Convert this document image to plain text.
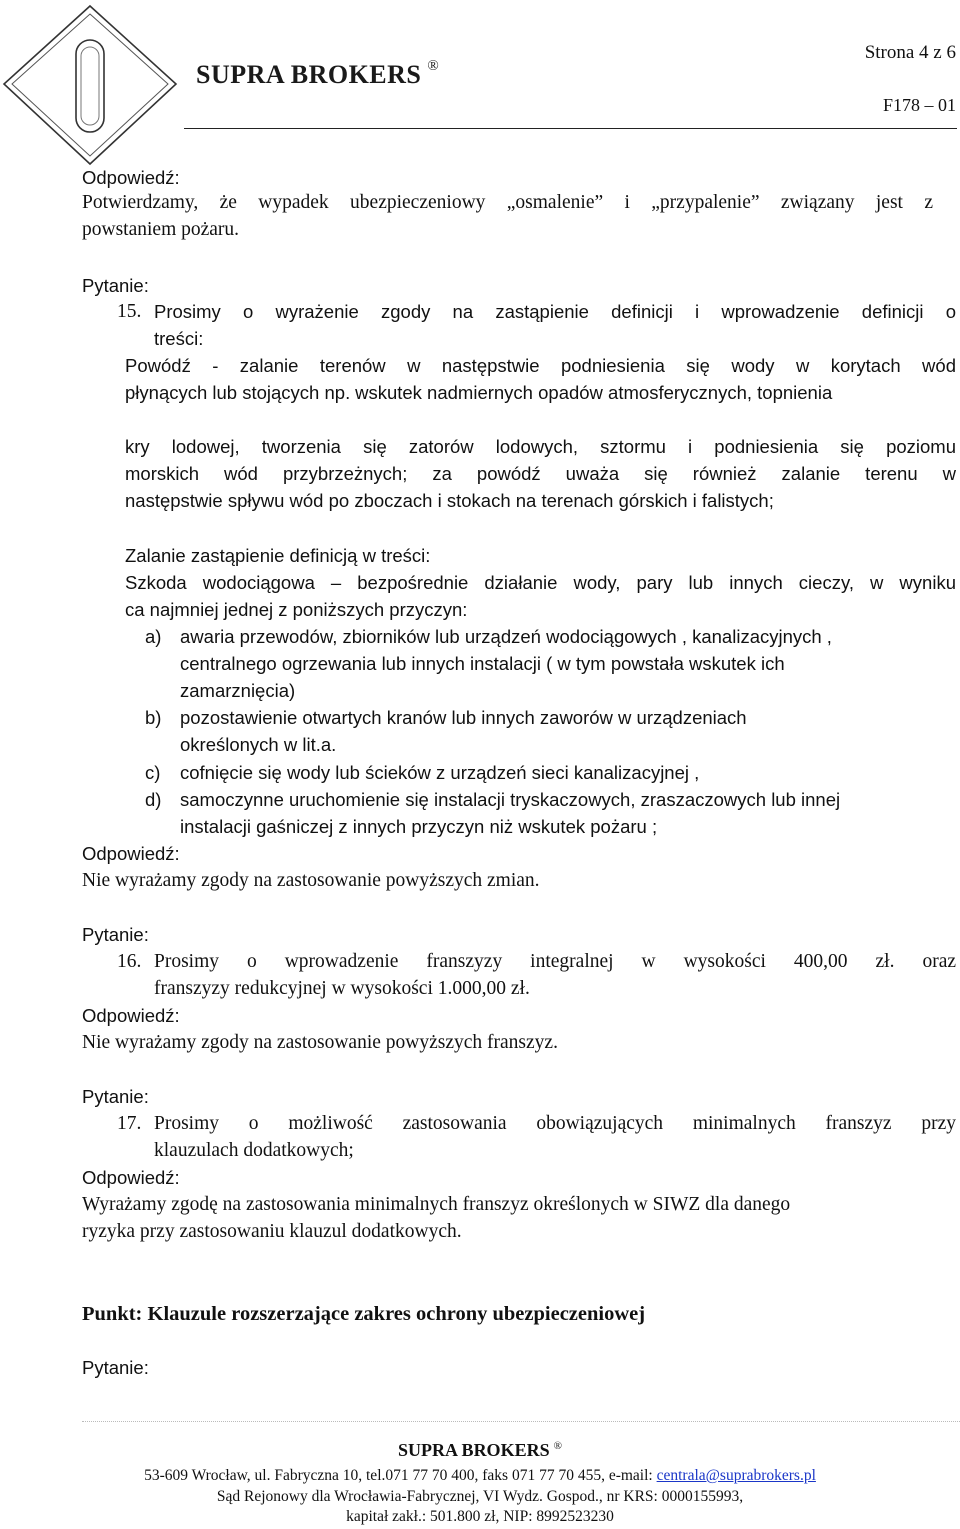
SUPRA BROKERS ®
Strona 4 z 6
F178 – 01
Odpowiedź:
Potwierdzamy, że wypadek ubezpieczeniowy „osmalenie” i „przypalenie” związany jest z
powstaniem pożaru.
Pytanie:
15. Prosimy o wyrażenie zgody na zastąpienie definicji i wprowadzenie definicji o
treści:
Powódź - zalanie terenów w następstwie podniesienia się wody w korytach wód
płynących lub stojących np. wskutek nadmiernych opadów atmosferycznych, topnienia
kry lodowej, tworzenia się zatorów lodowych, sztormu i podniesienia się poziomu
morskich wód przybrzeżnych; za powódź uważa się również zalanie terenu w
następstwie spływu wód po zboczach i stokach na terenach górskich i falistych;
Zalanie zastąpienie definicją w treści:
Szkoda wodociągowa – bezpośrednie działanie wody, pary lub innych cieczy, w wyniku
ca najmniej jednej z poniższych przyczyn:
a) awaria przewodów, zbiorników lub urządzeń wodociągowych , kanalizacyjnych ,
centralnego ogrzewania lub innych instalacji ( w tym powstała wskutek ich
zamarznięcia)
b) pozostawienie otwartych kranów lub innych zaworów w urządzeniach
określonych w lit.a.
c) cofnięcie się wody lub ścieków z urządzeń sieci kanalizacyjnej ,
d) samoczynne uruchomienie się instalacji tryskaczowych, zraszaczowych lub innej
instalacji gaśniczej z innych przyczyn niż wskutek pożaru ;
Odpowiedź:
Nie wyrażamy zgody na zastosowanie powyższych zmian.
Pytanie:
16. Prosimy o wprowadzenie franszyzy integralnej w wysokości 400,00 zł. oraz
franszyzy redukcyjnej w wysokości 1.000,00 zł.
Odpowiedź:
Nie wyrażamy zgody na zastosowanie powyższych franszyz.
Pytanie:
17. Prosimy o możliwość zastosowania obowiązujących minimalnych franszyz przy
klauzulach dodatkowych;
Odpowiedź:
Wyrażamy zgodę na zastosowania minimalnych franszyz określonych w SIWZ dla danego
ryzyka przy zastosowaniu klauzul dodatkowych.
Punkt: Klauzule rozszerzające zakres ochrony ubezpieczeniowej
Pytanie:
SUPRA BROKERS ®
53-609 Wrocław, ul. Fabryczna 10, tel.071 77 70 400, faks 071 77 70 455, e-mail: centrala@suprabrokers.pl
Sąd Rejonowy dla Wrocławia-Fabrycznej, VI Wydz. Gospod., nr KRS: 0000155993,
kapitał zakł.: 501.800 zł, NIP: 8992523230
